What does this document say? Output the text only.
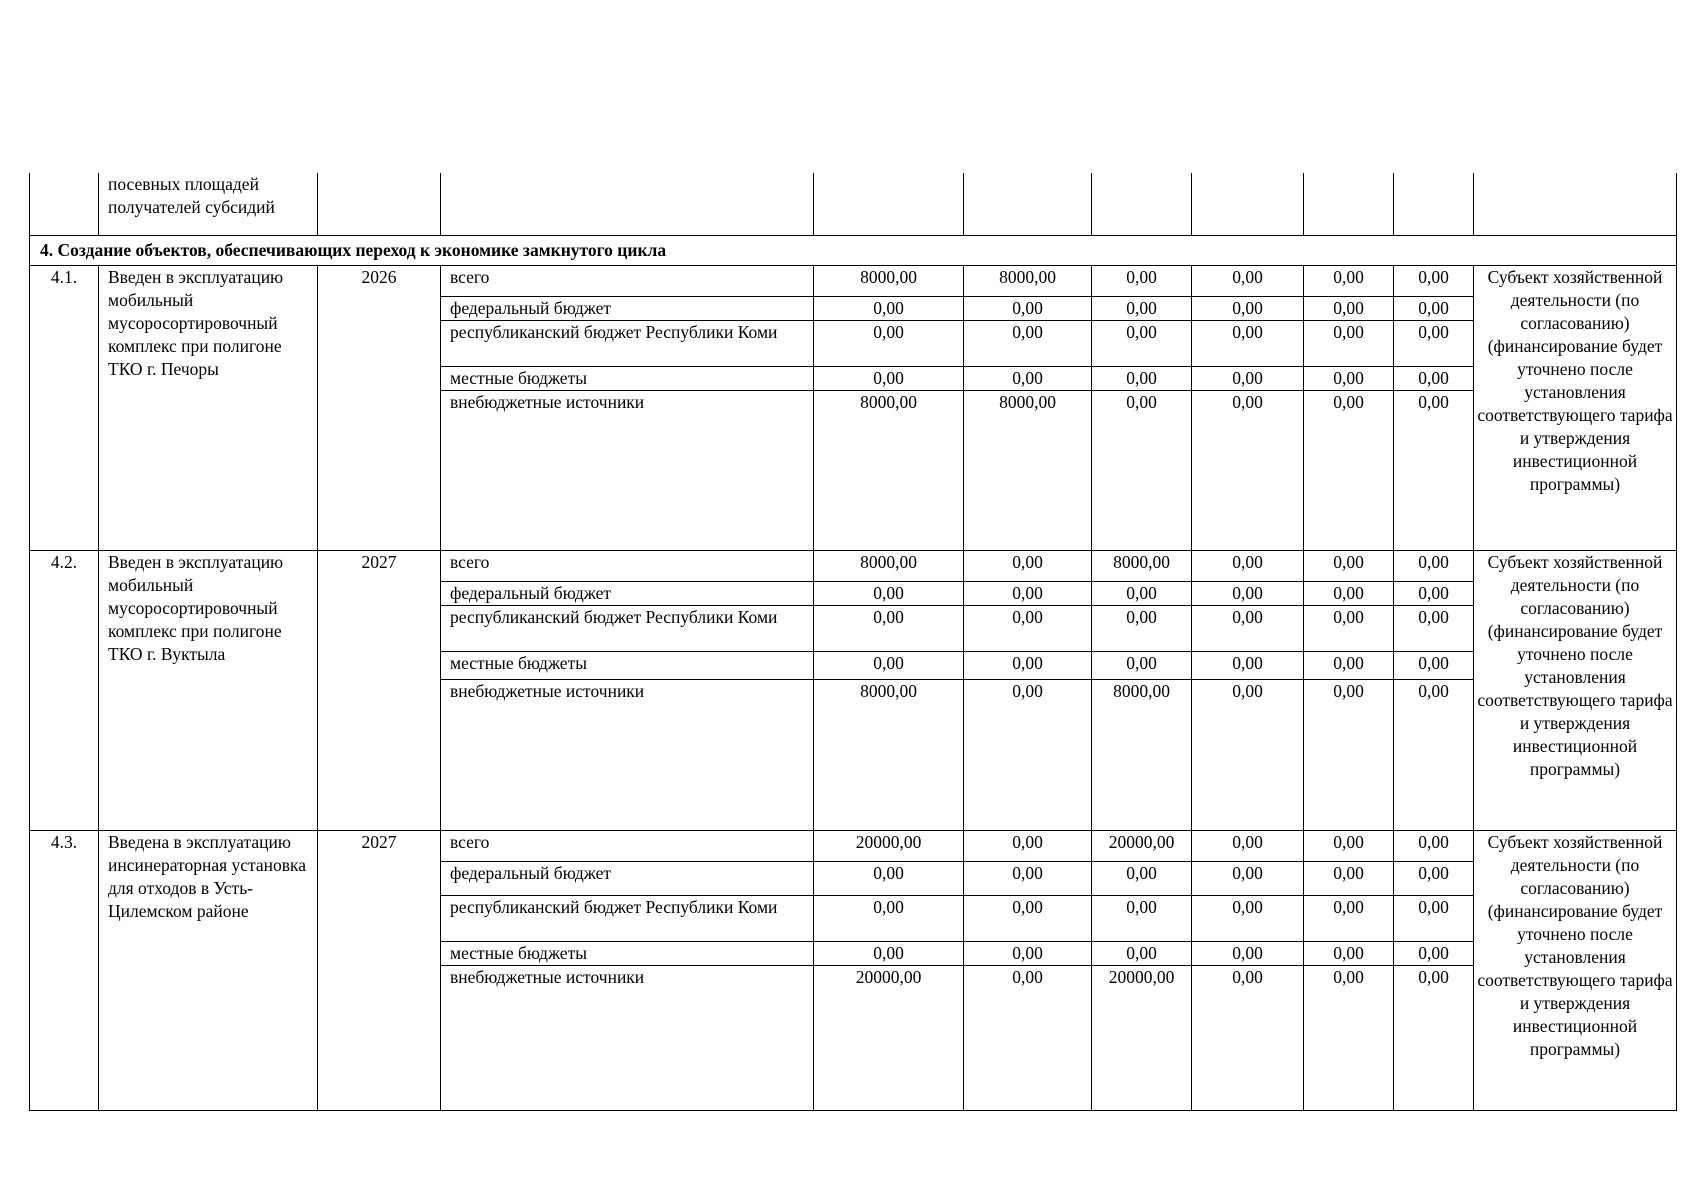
	посевных площадей
получателей субсидий									

4. Создание объектов, обеспечивающих переход к экономике замкнутого цикла										
4.1.	Введен в эксплуатацию мобильный мусоросортировочный комплекс при полигоне ТКО г. Печоры	2026	всего	8000,00	8000,00	0,00	0,00	0,00	0,00	Субъект хозяйственной деятельности (по согласованию) (финансирование будет уточнено после установления соответствующего тарифа и утверждения инвестиционной программы)
			федеральный бюджет	0,00	0,00	0,00	0,00	0,00	0,00	
			республиканский бюджет Республики Коми	0,00	0,00	0,00	0,00	0,00	0,00	
			местные бюджеты	0,00	0,00	0,00	0,00	0,00	0,00	
			внебюджетные источники	8000,00	8000,00	0,00	0,00	0,00	0,00	
4.2.	Введен в эксплуатацию мобильный мусоросортировочный комплекс при полигоне ТКО г. Вуктыла	2027	всего	8000,00	0,00	8000,00	0,00	0,00	0,00	Субъект хозяйственной деятельности (по согласованию) (финансирование будет уточнено после установления соответствующего тарифа и утверждения инвестиционной программы)
			федеральный бюджет	0,00	0,00	0,00	0,00	0,00	0,00	
			республиканский бюджет Республики Коми	0,00	0,00	0,00	0,00	0,00	0,00	
			местные бюджеты	0,00	0,00	0,00	0,00	0,00	0,00	
			внебюджетные источники	8000,00	0,00	8000,00	0,00	0,00	0,00	
4.3.	Введена в эксплуатацию инсинераторная установка для отходов в Усть-Цилемском районе	2027	всего	20000,00	0,00	20000,00	0,00	0,00	0,00	Субъект хозяйственной деятельности (по согласованию) (финансирование будет уточнено после установления соответствующего тарифа и утверждения инвестиционной программы)
			федеральный бюджет	0,00	0,00	0,00	0,00	0,00	0,00	
			республиканский бюджет Республики Коми	0,00	0,00	0,00	0,00	0,00	0,00	
			местные бюджеты	0,00	0,00	0,00	0,00	0,00	0,00	
			внебюджетные источники	20000,00	0,00	20000,00	0,00	0,00	0,00	
